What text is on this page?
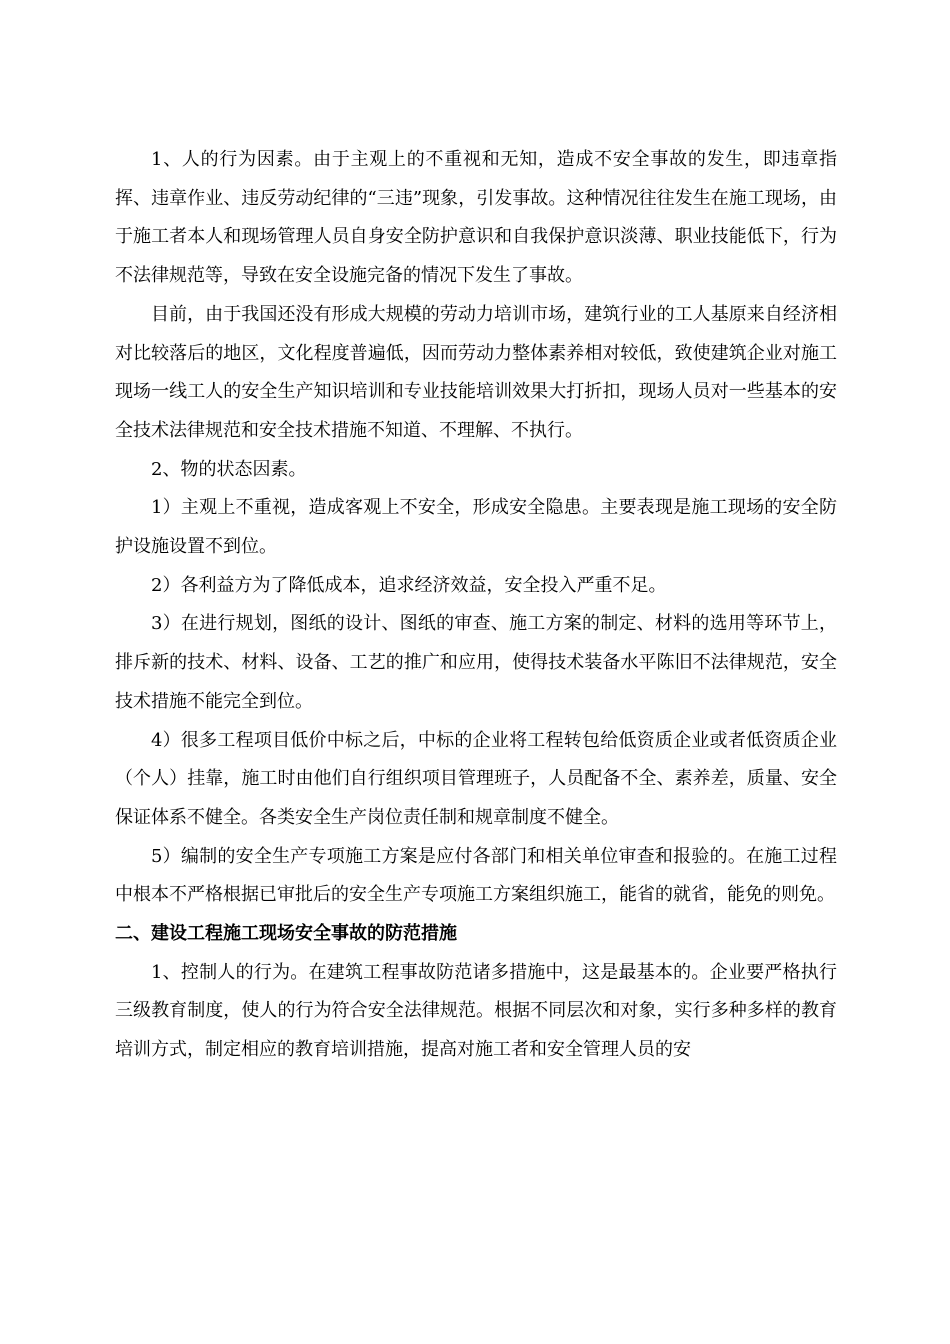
1、人的行为因素。由于主观上的不重视和无知，造成不安全事故的发生，即违章指挥、违章作业、违反劳动纪律的“三违”现象，引发事故。这种情况往往发生在施工现场，由于施工者本人和现场管理人员自身安全防护意识和自我保护意识淡薄、职业技能低下，行为不法律规范等，导致在安全设施完备的情况下发生了事故。

目前，由于我国还没有形成大规模的劳动力培训市场，建筑行业的工人基原来自经济相对比较落后的地区，文化程度普遍低，因而劳动力整体素养相对较低，致使建筑企业对施工现场一线工人的安全生产知识培训和专业技能培训效果大打折扣，现场人员对一些基本的安全技术法律规范和安全技术措施不知道、不理解、不执行。

2、物的状态因素。

1）主观上不重视，造成客观上不安全，形成安全隐患。主要表现是施工现场的安全防护设施设置不到位。

2）各利益方为了降低成本，追求经济效益，安全投入严重不足。

3）在进行规划，图纸的设计、图纸的审查、施工方案的制定、材料的选用等环节上，排斥新的技术、材料、设备、工艺的推广和应用，使得技术装备水平陈旧不法律规范，安全技术措施不能完全到位。

4）很多工程项目低价中标之后，中标的企业将工程转包给低资质企业或者低资质企业（个人）挂靠，施工时由他们自行组织项目管理班子，人员配备不全、素养差，质量、安全保证体系不健全。各类安全生产岗位责任制和规章制度不健全。

5）编制的安全生产专项施工方案是应付各部门和相关单位审查和报验的。在施工过程中根本不严格根据已审批后的安全生产专项施工方案组织施工，能省的就省，能免的则免。

二、建设工程施工现场安全事故的防范措施

1、控制人的行为。在建筑工程事故防范诸多措施中，这是最基本的。企业要严格执行三级教育制度，使人的行为符合安全法律规范。根据不同层次和对象，实行多种多样的教育培训方式，制定相应的教育培训措施，提高对施工者和安全管理人员的安
